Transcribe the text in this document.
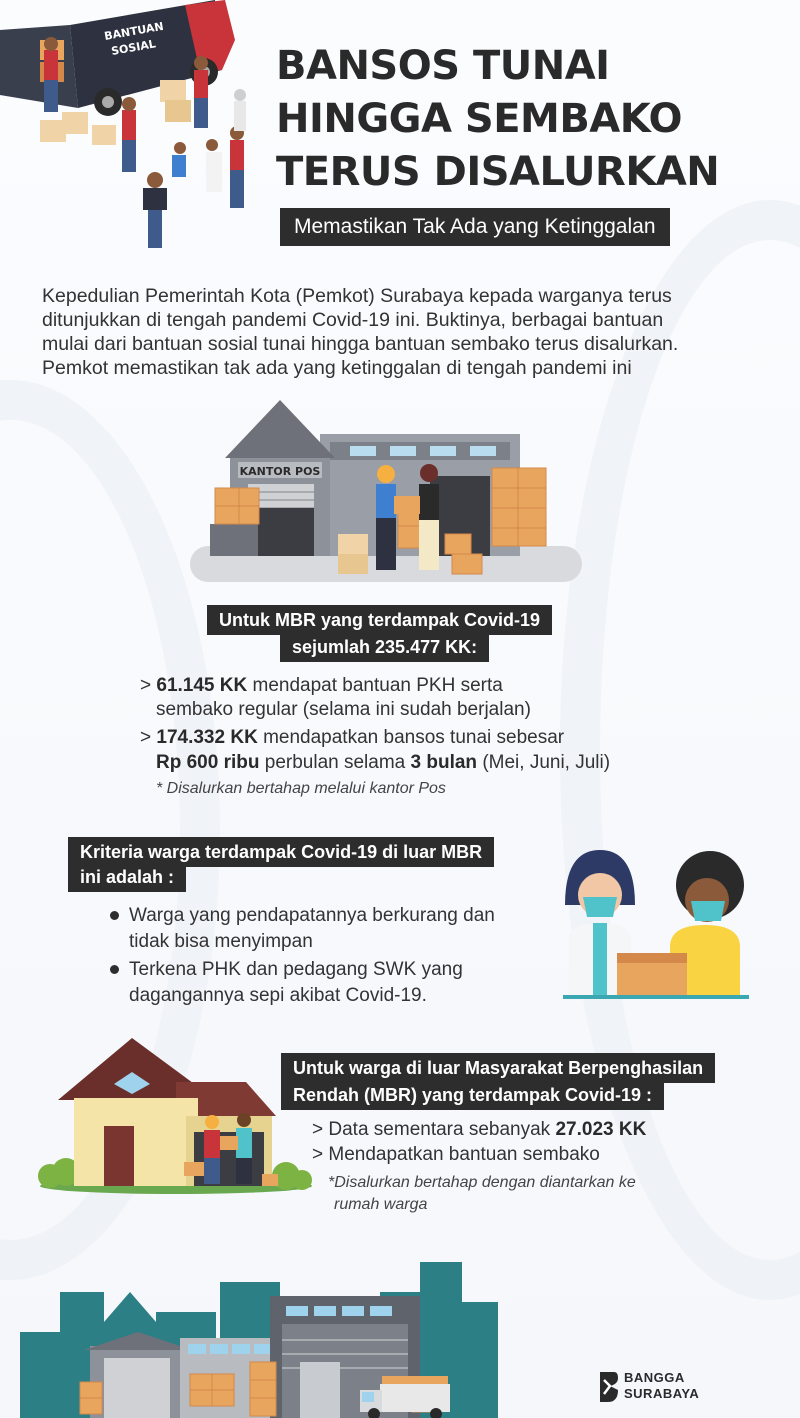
BANTUAN
SOSIAL	BANSOS TUNAI
HINGGA SEMBAKO
TERUS DISALURKAN
Memastikan Tak Ada yang Ketinggalan
Kepedulian Pemerintah Kota (Pemkot) Surabaya kepada warganya terus
ditunjukkan di tengah pandemi Covid-19 ini. Buktinya, berbagai bantuan
mulai dari bantuan sosial tunai hingga bantuan sembako terus disalurkan.
Pemkot memastikan tak ada yang ketinggalan di tengah pandemi ini
KANTOR POS
Untuk MBR yang terdampak Covid-19
sejumlah 235.477 KK:
> 61.145 KK mendapat bantuan PKH serta
sembako regular (selama ini sudah berjalan)
> 174.332 KK mendapatkan bansos tunai sebesar
Rp 600 ribu perbulan selama 3 bulan (Mei, Juni, Juli)
* Disalurkan bertahap melalui kantor Pos
Kriteria warga terdampak Covid-19 di luar MBR
ini adalah :
Warga yang pendapatannya berkurang dan
tidak bisa menyimpan
Terkena PHK dan pedagang SWK yang
dagangannya sepi akibat Covid-19.
Untuk warga di luar Masyarakat Berpenghasilan
Rendah (MBR) yang terdampak Covid-19 :
> Data sementara sebanyak 27.023 KK
> Mendapatkan bantuan sembako
*Disalurkan bertahap dengan diantarkan ke
rumah warga
BANGGA
SURABAYA
